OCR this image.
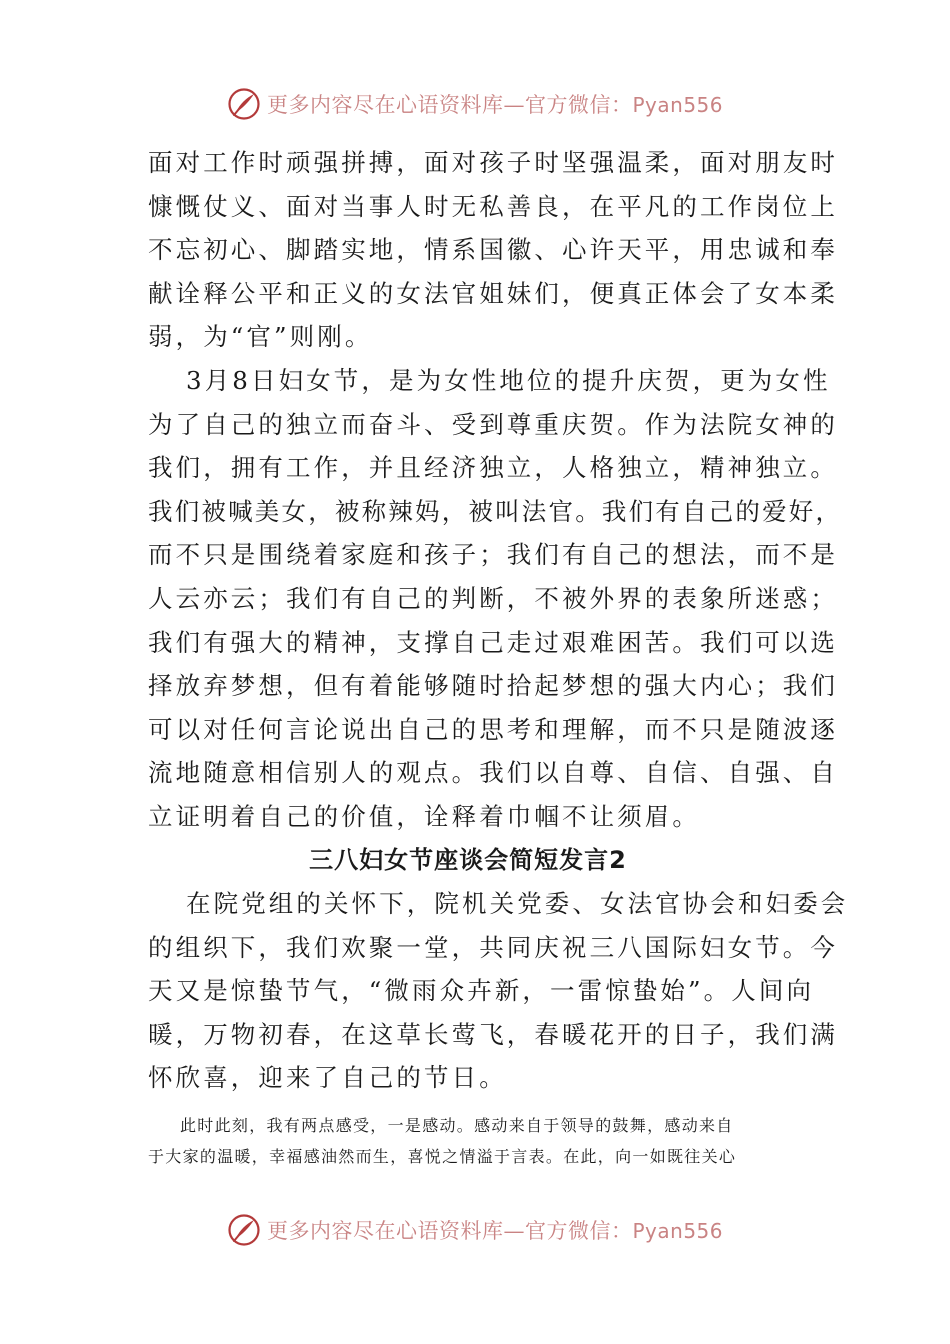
更多内容尽在心语资料库—官方微信：Pyan556
面对工作时顽强拼搏，面对孩子时坚强温柔，面对朋友时
慷慨仗义、面对当事人时无私善良，在平凡的工作岗位上
不忘初心、脚踏实地，情系国徽、心许天平，用忠诚和奉
献诠释公平和正义的女法官姐妹们，便真正体会了女本柔
弱，为“官”则刚。
3月8日妇女节，是为女性地位的提升庆贺，更为女性
为了自己的独立而奋斗、受到尊重庆贺。作为法院女神的
我们，拥有工作，并且经济独立，人格独立，精神独立。
我们被喊美女，被称辣妈，被叫法官。我们有自己的爱好，
而不只是围绕着家庭和孩子；我们有自己的想法，而不是
人云亦云；我们有自己的判断，不被外界的表象所迷惑；
我们有强大的精神，支撑自己走过艰难困苦。我们可以选
择放弃梦想，但有着能够随时拾起梦想的强大内心；我们
可以对任何言论说出自己的思考和理解，而不只是随波逐
流地随意相信别人的观点。我们以自尊、自信、自强、自
立证明着自己的价值，诠释着巾帼不让须眉。
三八妇女节座谈会简短发言2
在院党组的关怀下，院机关党委、女法官协会和妇委会
的组织下，我们欢聚一堂，共同庆祝三八国际妇女节。今
天又是惊蛰节气，“微雨众卉新，一雷惊蛰始”。人间向
暖，万物初春，在这草长莺飞，春暖花开的日子，我们满
怀欣喜，迎来了自己的节日。
此时此刻，我有两点感受，一是感动。感动来自于领导的鼓舞，感动来自
于大家的温暖，幸福感油然而生，喜悦之情溢于言表。在此，向一如既往关心
更多内容尽在心语资料库—官方微信：Pyan556
